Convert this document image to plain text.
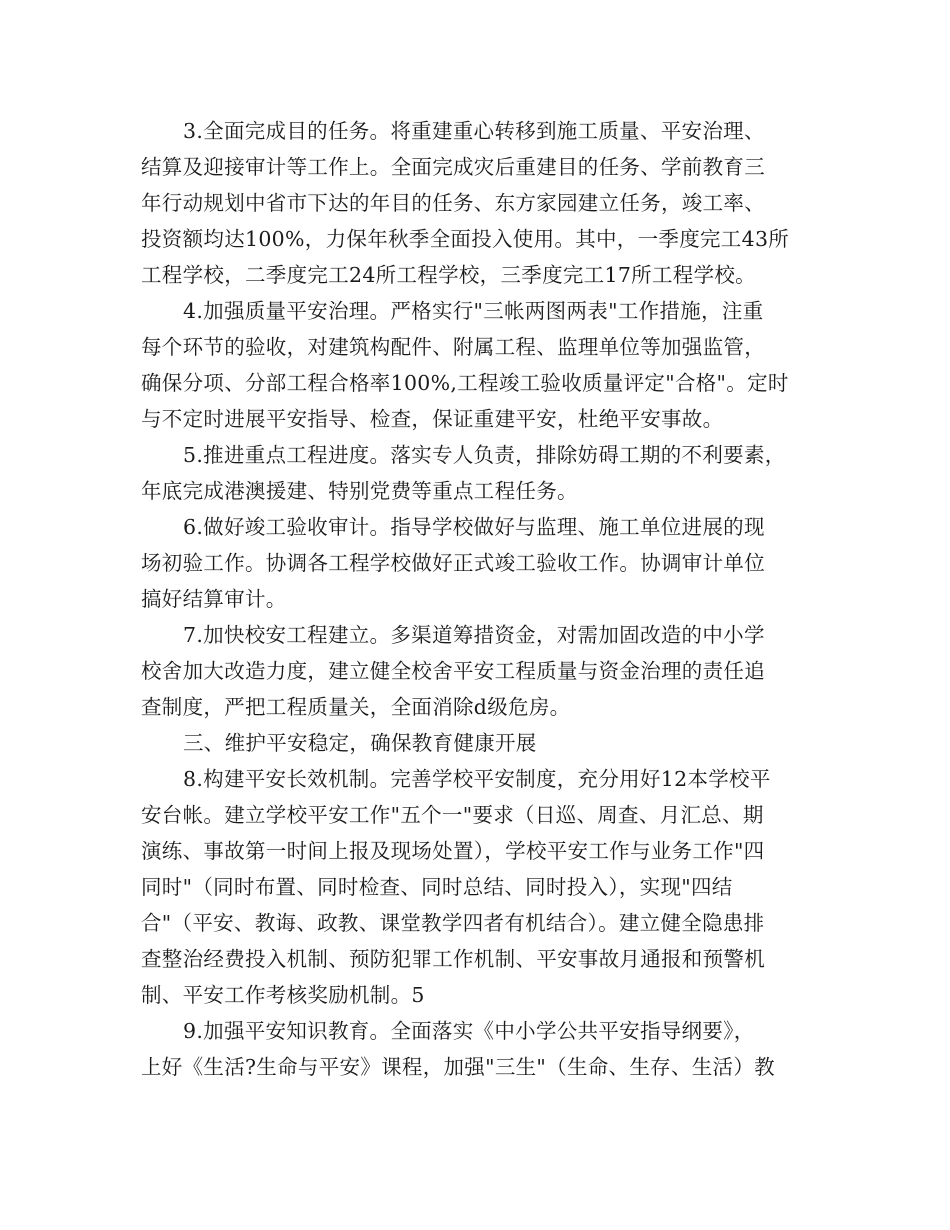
3.全面完成目的任务。将重建重心转移到施工质量、平安治理、
结算及迎接审计等工作上。全面完成灾后重建目的任务、学前教育三
年行动规划中省市下达的年目的任务、东方家园建立任务，竣工率、
投资额均达100%，力保年秋季全面投入使用。其中，一季度完工43所
工程学校，二季度完工24所工程学校，三季度完工17所工程学校。
4.加强质量平安治理。严格实行"三帐两图两表"工作措施，注重
每个环节的验收，对建筑构配件、附属工程、监理单位等加强监管，
确保分项、分部工程合格率100%,工程竣工验收质量评定"合格"。定时
与不定时进展平安指导、检查，保证重建平安，杜绝平安事故。
5.推进重点工程进度。落实专人负责，排除妨碍工期的不利要素，
年底完成港澳援建、特别党费等重点工程任务。
6.做好竣工验收审计。指导学校做好与监理、施工单位进展的现
场初验工作。协调各工程学校做好正式竣工验收工作。协调审计单位
搞好结算审计。
7.加快校安工程建立。多渠道筹措资金，对需加固改造的中小学
校舍加大改造力度，建立健全校舍平安工程质量与资金治理的责任追
查制度，严把工程质量关，全面消除d级危房。
三、维护平安稳定，确保教育健康开展
8.构建平安长效机制。完善学校平安制度，充分用好12本学校平
安台帐。建立学校平安工作"五个一"要求（日巡、周查、月汇总、期
演练、事故第一时间上报及现场处置），学校平安工作与业务工作"四
同时"（同时布置、同时检查、同时总结、同时投入），实现"四结
合"（平安、教诲、政教、课堂教学四者有机结合）。建立健全隐患排
查整治经费投入机制、预防犯罪工作机制、平安事故月通报和预警机
制、平安工作考核奖励机制。5
9.加强平安知识教育。全面落实《中小学公共平安指导纲要》，
上好《生活?生命与平安》课程，加强"三生"（生命、生存、生活）教
